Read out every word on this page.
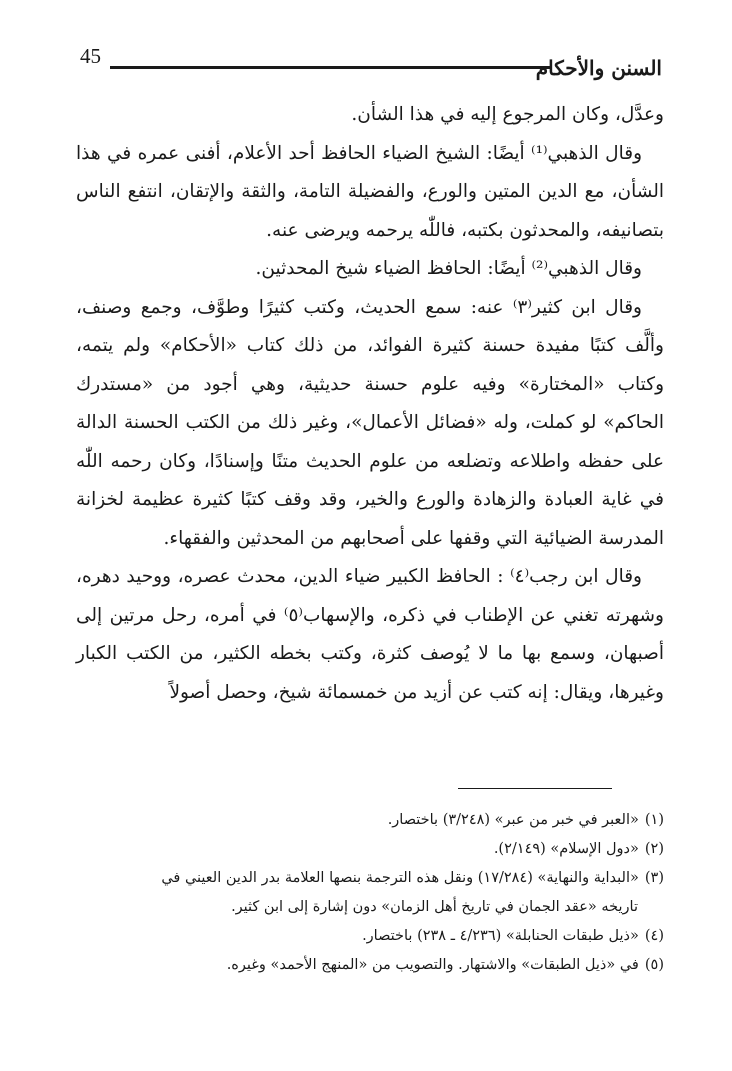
45	السنن والأحكام

وعدَّل، وكان المرجوع إليه في هذا الشأن.

وقال الذهبي⁽¹⁾ أيضًا: الشيخ الضياء الحافظ أحد الأعلام، أفنى عمره في هذا الشأن، مع الدين المتين والورع، والفضيلة التامة، والثقة والإتقان، انتفع الناس بتصانيفه، والمحدثون بكتبه، فاللّٰه يرحمه ويرضى عنه.

وقال الذهبي⁽²⁾ أيضًا: الحافظ الضياء شيخ المحدثين.

وقال ابن كثير⁽٣⁾ عنه: سمع الحديث، وكتب كثيرًا وطوَّف، وجمع وصنف، وألَّف كتبًا مفيدة حسنة كثيرة الفوائد، من ذلك كتاب «الأحكام» ولم يتمه، وكتاب «المختارة» وفيه علوم حسنة حديثية، وهي أجود من «مستدرك الحاكم» لو كملت، وله «فضائل الأعمال»، وغير ذلك من الكتب الحسنة الدالة على حفظه واطلاعه وتضلعه من علوم الحديث متنًا وإسنادًا، وكان رحمه اللّٰه في غاية العبادة والزهادة والورع والخير، وقد وقف كتبًا كثيرة عظيمة لخزانة المدرسة الضيائية التي وقفها على أصحابهم من المحدثين والفقهاء.

وقال ابن رجب⁽٤⁾ : الحافظ الكبير ضياء الدين، محدث عصره، ووحيد دهره، وشهرته تغني عن الإطناب في ذكره، والإسهاب⁽٥⁾ في أمره، رحل مرتين إلى أصبهان، وسمع بها ما لا يُوصف كثرة، وكتب بخطه الكثير، من الكتب الكبار وغيرها، ويقال: إنه كتب عن أزيد من خمسمائة شيخ، وحصل أصولاً

(١)«العبر في خبر من عبر» (٣/٢٤٨) باختصار.

(٢)«دول الإسلام» (٢/١٤٩).

(٣)«البداية والنهاية» (١٧/٢٨٤) ونقل هذه الترجمة بنصها العلامة بدر الدين العيني في

تاريخه «عقد الجمان في تاريخ أهل الزمان» دون إشارة إلى ابن كثير.

(٤)«ذيل طبقات الحنابلة» (٤/٢٣٦ ـ ٢٣٨) باختصار.

(٥)في «ذيل الطبقات» والاشتهار. والتصويب من «المنهج الأحمد» وغيره.
